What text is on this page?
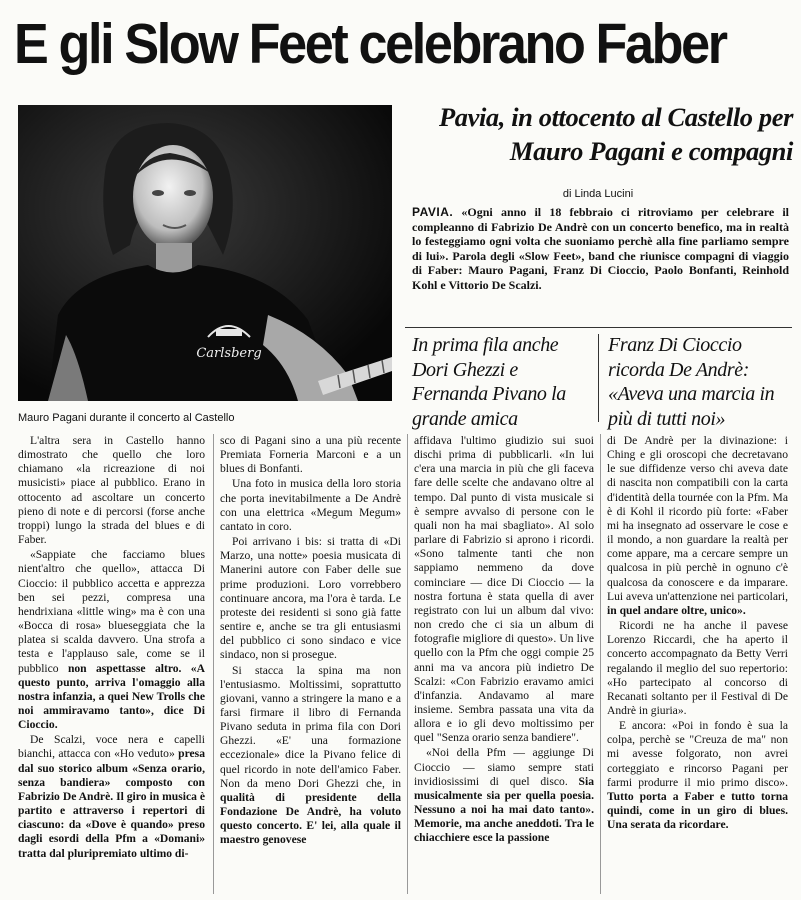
E gli Slow Feet celebrano Faber
Carlsberg

Mauro Pagani durante il concerto al Castello

Pavia, in ottocento al Castello per Mauro Pagani e compagni

di Linda Lucini

PAVIA. «Ogni anno il 18 febbraio ci ritroviamo per celebrare il compleanno di Fabrizio De Andrè con un concerto benefico, ma in realtà lo festeggiamo ogni volta che suoniamo perchè alla fine parliamo sempre di lui». Parola degli «Slow Feet», band che riunisce compagni di viaggio di Faber: Mauro Pagani, Franz Di Cioccio, Paolo Bonfanti, Reinhold Kohl e Vittorio De Scalzi.

In prima fila anche Dori Ghezzi e Fernanda Pivano la grande amica

Franz Di Cioccio ricorda De Andrè: «Aveva una marcia in più di tutti noi»

L'altra sera in Castello hanno dimostrato che quello che loro chiamano «la ricreazione di noi musicisti» piace al pubblico. Erano in ottocento ad ascoltare un concerto pieno di note e di percorsi (forse anche troppi) lungo la strada del blues e di Faber.

«Sappiate che facciamo blues nient'altro che quello», attacca Di Cioccio: il pubblico accetta e apprezza ben sei pezzi, compresa una hendrixiana «little wing» ma è con una «Bocca di rosa» blueseggiata che la platea si scalda davvero. Una strofa a testa e l'applauso sale, come se il pubblico non aspettasse altro. «A questo punto, arriva l'omaggio alla nostra infanzia, a quei New Trolls che noi ammiravamo tanto», dice Di Cioccio.

De Scalzi, voce nera e capelli bianchi, attacca con «Ho veduto» presa dal suo storico album «Senza orario, senza bandiera» composto con Fabrizio De Andrè. Il giro in musica è partito e attraverso i repertori di ciascuno: da «Dove è quando» preso dagli esordi della Pfm a «Domani» tratta dal pluripremiato ultimo di-

sco di Pagani sino a una più recente Premiata Forneria Marconi e a un blues di Bonfanti.

Una foto in musica della loro storia che porta inevitabilmente a De Andrè con una elettrica «Megum Megum» cantato in coro.

Poi arrivano i bis: si tratta di «Di Marzo, una notte» poesia musicata di Manerini autore con Faber delle sue prime produzioni. Loro vorrebbero continuare ancora, ma l'ora è tarda. Le proteste dei residenti si sono già fatte sentire e, anche se tra gli entusiasmi del pubblico ci sono sindaco e vice sindaco, non si prosegue.

Si stacca la spina ma non l'entusiasmo. Moltissimi, soprattutto giovani, vanno a stringere la mano e a farsi firmare il libro di Fernanda Pivano seduta in prima fila con Dori Ghezzi. «E' una formazione eccezionale» dice la Pivano felice di quel ricordo in note dell'amico Faber. Non da meno Dori Ghezzi che, in qualità di presidente della Fondazione De Andrè, ha voluto questo concerto. E' lei, alla quale il maestro genovese

affidava l'ultimo giudizio sui suoi dischi prima di pubblicarli. «In lui c'era una marcia in più che gli faceva fare delle scelte che andavano oltre al tempo. Dal punto di vista musicale si è sempre avvalso di persone con le quali non ha mai sbagliato». Al solo parlare di Fabrizio si aprono i ricordi. «Sono talmente tanti che non sappiamo nemmeno da dove cominciare — dice Di Cioccio — la nostra fortuna è stata quella di aver registrato con lui un album dal vivo: non credo che ci sia un album di fotografie migliore di questo». Un live quello con la Pfm che oggi compie 25 anni ma va ancora più indietro De Scalzi: «Con Fabrizio eravamo amici d'infanzia. Andavamo al mare insieme. Sembra passata una vita da allora e io gli devo moltissimo per quel "Senza orario senza bandiere".

«Noi della Pfm — aggiunge Di Cioccio — siamo sempre stati invidiosissimi di quel disco. Sia musicalmente sia per quella poesia. Nessuno a noi ha mai dato tanto». Memorie, ma anche aneddoti. Tra le chiacchiere esce la passione

di De Andrè per la divinazione: i Ching e gli oroscopi che decretavano le sue diffidenze verso chi aveva date di nascita non compatibili con la carta d'identità della tournée con la Pfm. Ma è di Kohl il ricordo più forte: «Faber mi ha insegnato ad osservare le cose e il mondo, a non guardare la realtà per come appare, ma a cercare sempre un qualcosa in più perchè in ognuno c'è qualcosa da conoscere e da imparare. Lui aveva un'attenzione nei particolari, in quel andare oltre, unico».

Ricordi ne ha anche il pavese Lorenzo Riccardi, che ha aperto il concerto accompagnato da Betty Verri regalando il meglio del suo repertorio: «Ho partecipato al concorso di Recanati soltanto per il Festival di De Andrè in giuria».

E ancora: «Poi in fondo è sua la colpa, perchè se "Creuza de ma" non mi avesse folgorato, non avrei corteggiato e rincorso Pagani per farmi produrre il mio primo disco». Tutto porta a Faber e tutto torna quindi, come in un giro di blues. Una serata da ricordare.
